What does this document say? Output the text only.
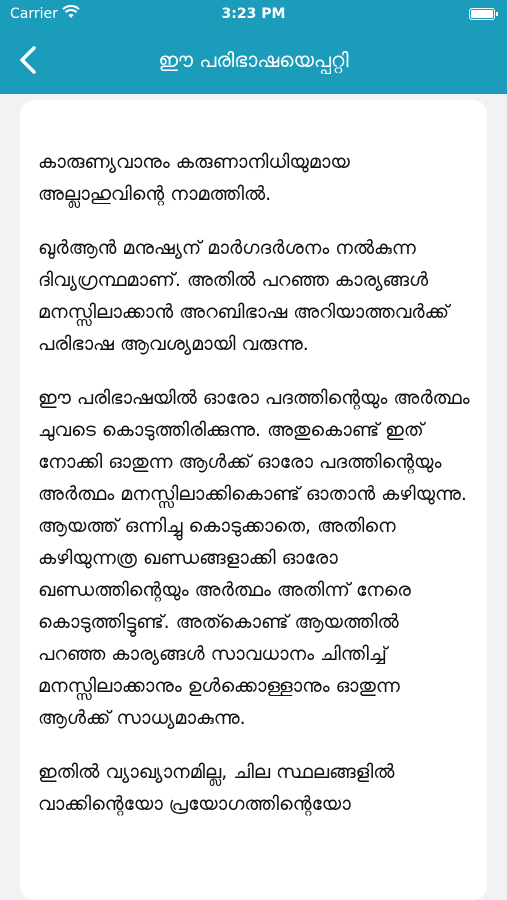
Carrier	3:23 PM
ഈ പരിഭാഷയെപ്പറ്റി

കാരുണ്യവാനും കരുണാനിധിയുമായ അല്ലാഹുവിന്റെ നാമത്തിൽ.

ഖുർആൻ മനുഷ്യന് മാർഗദർശനം നൽകുന്ന ദിവ്യഗ്രന്ഥമാണ്. അതിൽ പറഞ്ഞ കാര്യങ്ങൾ മനസ്സിലാക്കാൻ അറബിഭാഷ അറിയാത്തവർക്ക് പരിഭാഷ ആവശ്യമായി വരുന്നു.

ഈ പരിഭാഷയിൽ ഓരോ പദത്തിന്റെയും അർത്ഥം ചുവടെ കൊടുത്തിരിക്കുന്നു. അതുകൊണ്ട് ഇത് നോക്കി ഓതുന്ന ആൾക്ക് ഓരോ പദത്തിന്റെയും അർത്ഥം മനസ്സിലാക്കികൊണ്ട് ഓതാൻ കഴിയുന്നു. ആയത്ത് ഒന്നിച്ചു കൊടുക്കാതെ, അതിനെ കഴിയുന്നത്ര ഖണ്ഡങ്ങളാക്കി ഓരോ ഖണ്ഡത്തിന്റെയും അർത്ഥം അതിന്ന് നേരെ കൊടുത്തിട്ടുണ്ട്. അത്കൊണ്ട് ആയത്തിൽ പറഞ്ഞ കാര്യങ്ങൾ സാവധാനം ചിന്തിച്ച് മനസ്സിലാക്കാനും ഉൾക്കൊള്ളാനും ഓതുന്ന ആൾക്ക് സാധ്യമാകുന്നു.

ഇതിൽ വ്യാഖ്യാനമില്ല, ചില സ്ഥലങ്ങളിൽ വാക്കിന്റെയോ പ്രയോഗത്തിന്റെയോ
